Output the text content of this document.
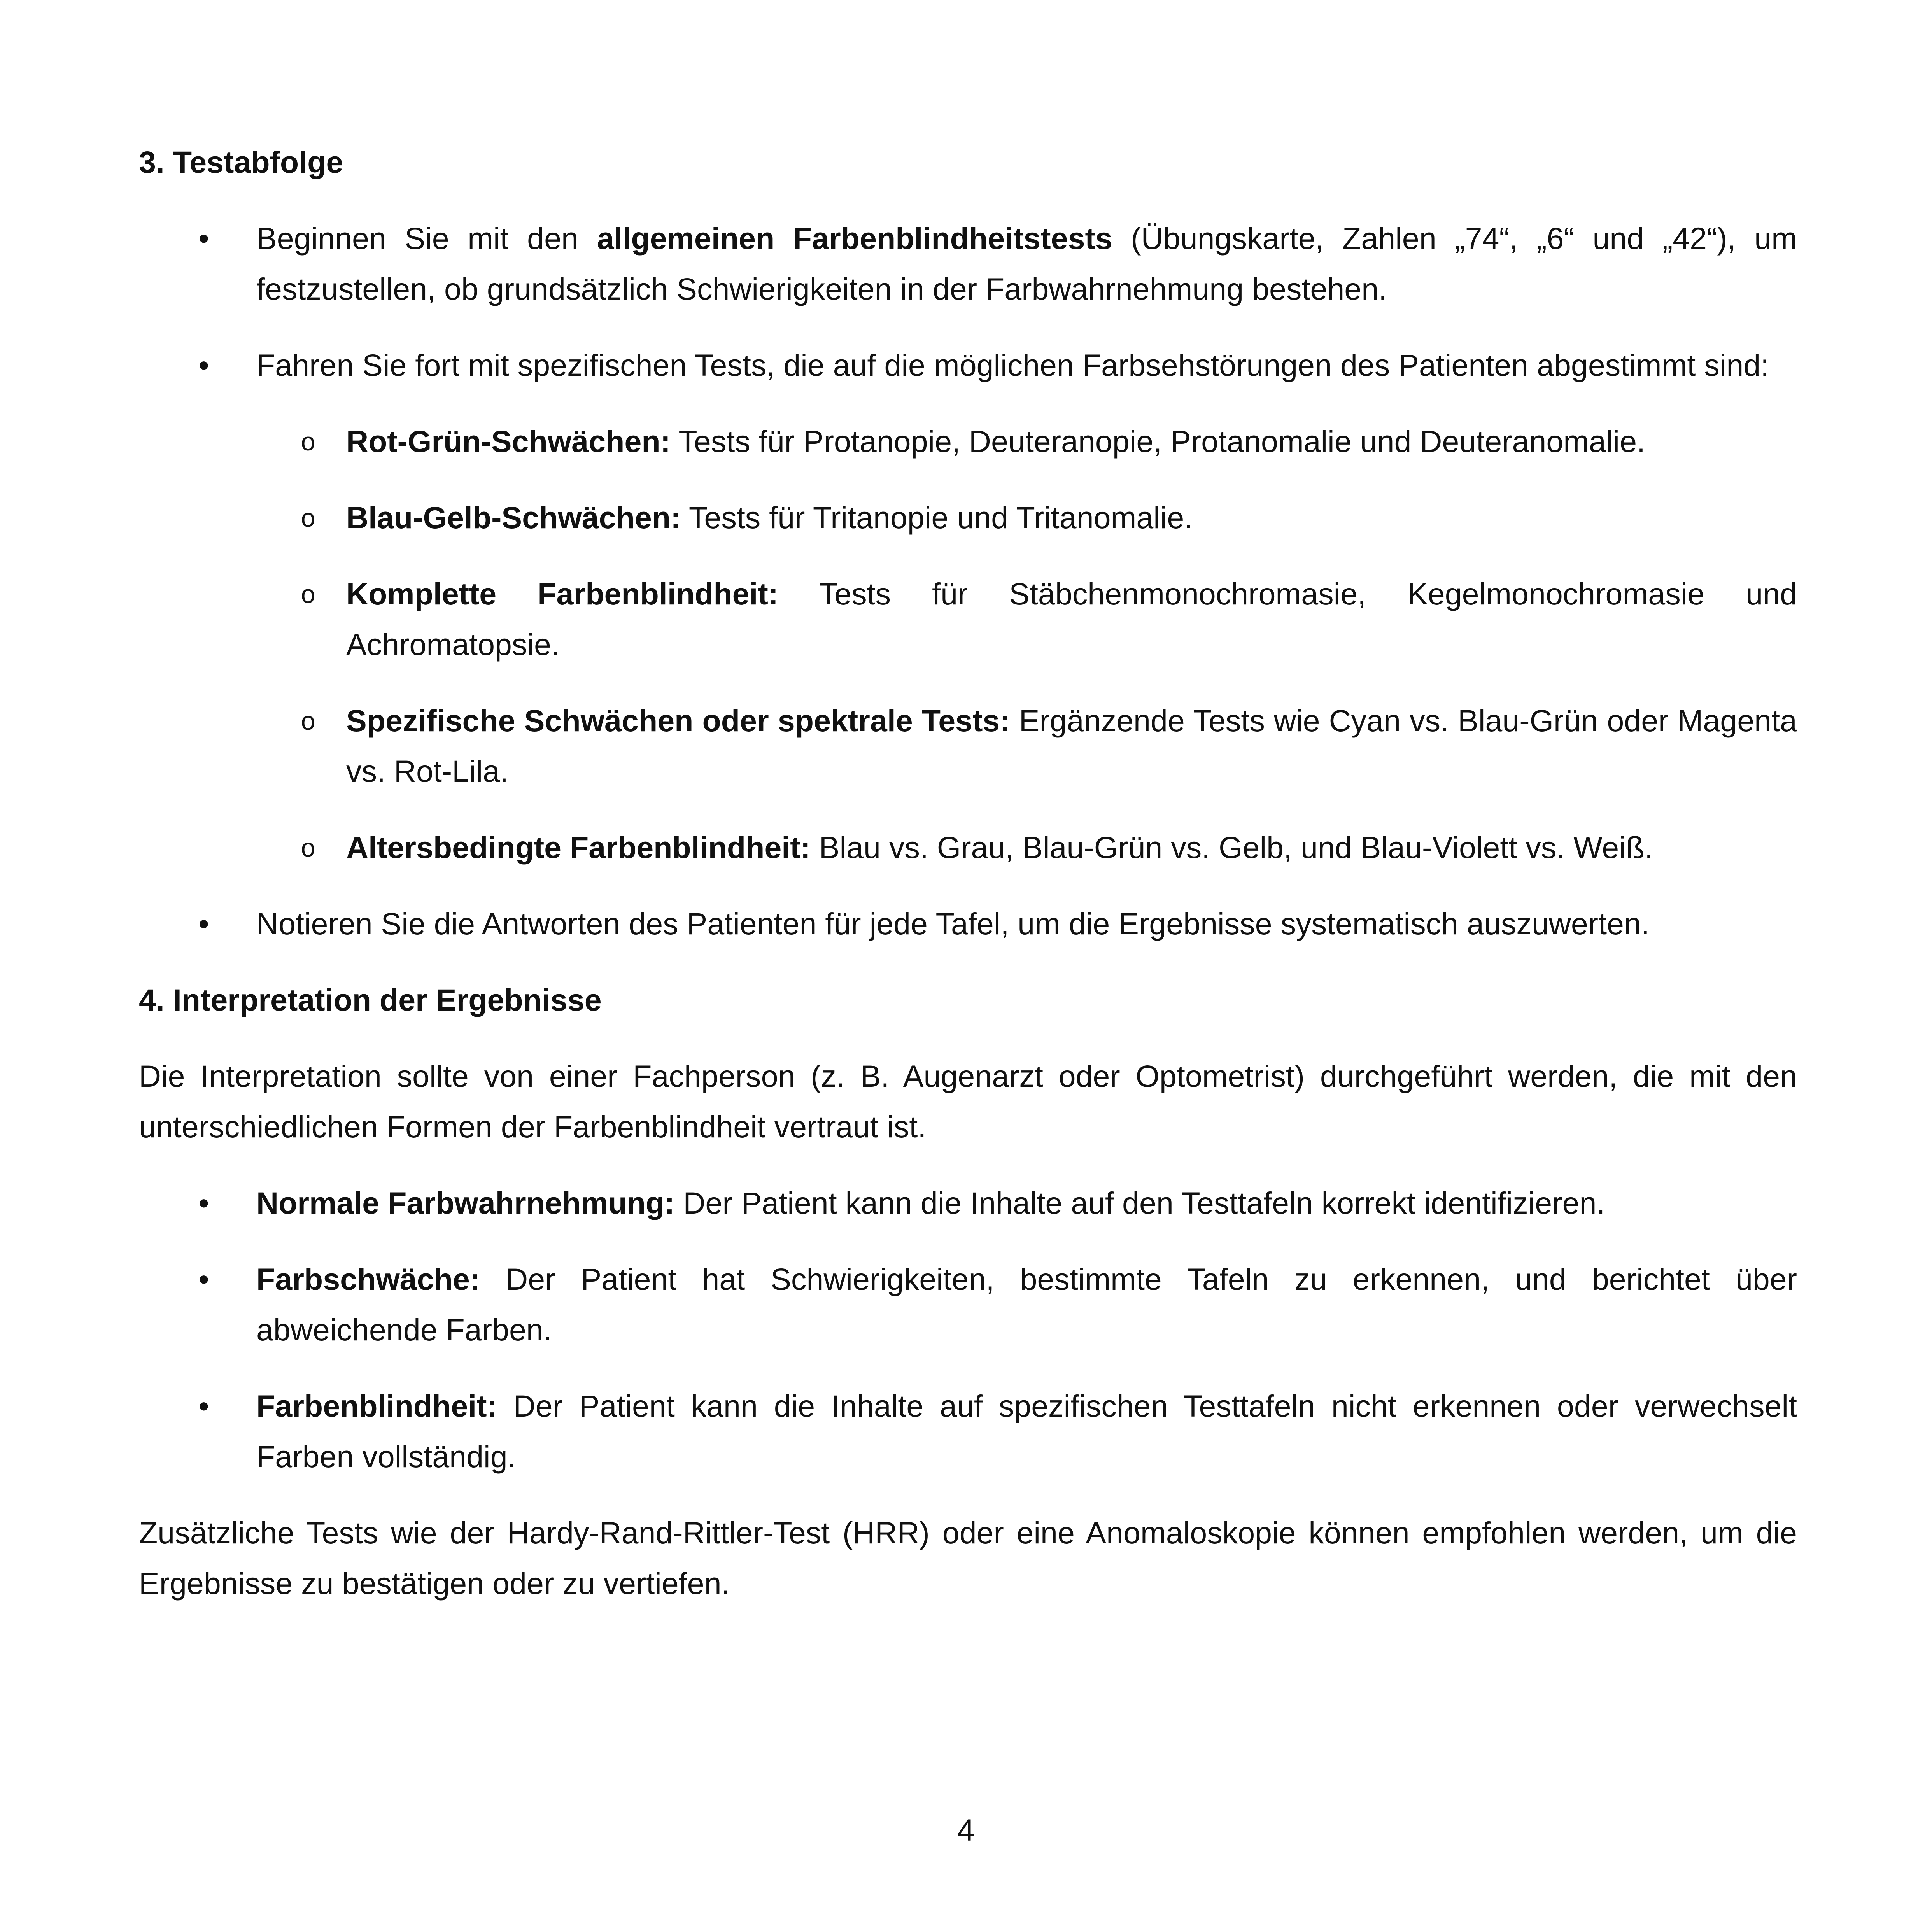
3. Testabfolge
• Beginnen Sie mit den allgemeinen Farbenblindheitstests (Übungskarte, Zahlen „74“, „6“ und „42“), um festzustellen, ob grundsätzlich Schwierigkeiten in der Farbwahrnehmung bestehen.
• Fahren Sie fort mit spezifischen Tests, die auf die möglichen Farbsehstörungen des Patienten abgestimmt sind:
o Rot-Grün-Schwächen: Tests für Protanopie, Deuteranopie, Protanomalie und Deuteranomalie.
o Blau-Gelb-Schwächen: Tests für Tritanopie und Tritanomalie.
o Komplette Farbenblindheit: Tests für Stäbchenmonochromasie, Kegelmonochromasie und Achromatopsie.
o Spezifische Schwächen oder spektrale Tests: Ergänzende Tests wie Cyan vs. Blau-Grün oder Magenta vs. Rot-Lila.
o Altersbedingte Farbenblindheit: Blau vs. Grau, Blau-Grün vs. Gelb, und Blau-Violett vs. Weiß.
• Notieren Sie die Antworten des Patienten für jede Tafel, um die Ergebnisse systematisch auszuwerten.
4. Interpretation der Ergebnisse

Die Interpretation sollte von einer Fachperson (z. B. Augenarzt oder Optometrist) durchgeführt werden, die mit den unterschiedlichen Formen der Farbenblindheit vertraut ist.

• Normale Farbwahrnehmung: Der Patient kann die Inhalte auf den Testtafeln korrekt identifizieren.
• Farbschwäche: Der Patient hat Schwierigkeiten, bestimmte Tafeln zu erkennen, und berichtet über abweichende Farben.
• Farbenblindheit: Der Patient kann die Inhalte auf spezifischen Testtafeln nicht erkennen oder verwechselt Farben vollständig.

Zusätzliche Tests wie der Hardy-Rand-Rittler-Test (HRR) oder eine Anomaloskopie können empfohlen werden, um die Ergebnisse zu bestätigen oder zu vertiefen.

4
